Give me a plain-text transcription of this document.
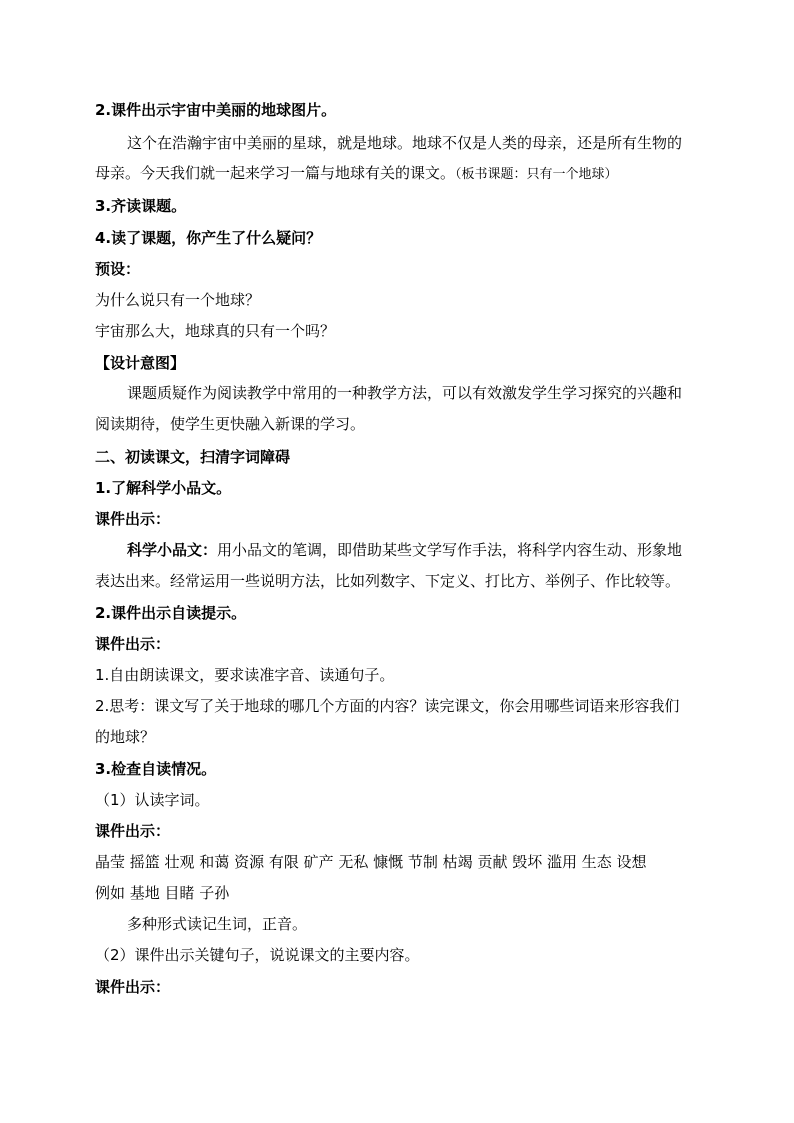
2.课件出示宇宙中美丽的地球图片。
这个在浩瀚宇宙中美丽的星球，就是地球。地球不仅是人类的母亲，还是所有生物的
母亲。今天我们就一起来学习一篇与地球有关的课文。（板书课题：只有一个地球）
3.齐读课题。
4.读了课题，你产生了什么疑问？
预设：
为什么说只有一个地球？
宇宙那么大，地球真的只有一个吗？
【设计意图】
课题质疑作为阅读教学中常用的一种教学方法，可以有效激发学生学习探究的兴趣和
阅读期待，使学生更快融入新课的学习。
二、初读课文，扫清字词障碍
1.了解科学小品文。
课件出示：
科学小品文：用小品文的笔调，即借助某些文学写作手法，将科学内容生动、形象地
表达出来。经常运用一些说明方法，比如列数字、下定义、打比方、举例子、作比较等。
2.课件出示自读提示。
课件出示：
1.自由朗读课文，要求读准字音、读通句子。
2.思考：课文写了关于地球的哪几个方面的内容？读完课文，你会用哪些词语来形容我们
的地球？
3.检查自读情况。
（1）认读字词。
课件出示：
晶莹 摇篮 壮观 和蔼 资源 有限 矿产 无私 慷慨 节制 枯竭 贡献 毁坏 滥用 生态 设想
例如 基地 目睹 子孙
多种形式读记生词，正音。
（2）课件出示关键句子，说说课文的主要内容。
课件出示：
